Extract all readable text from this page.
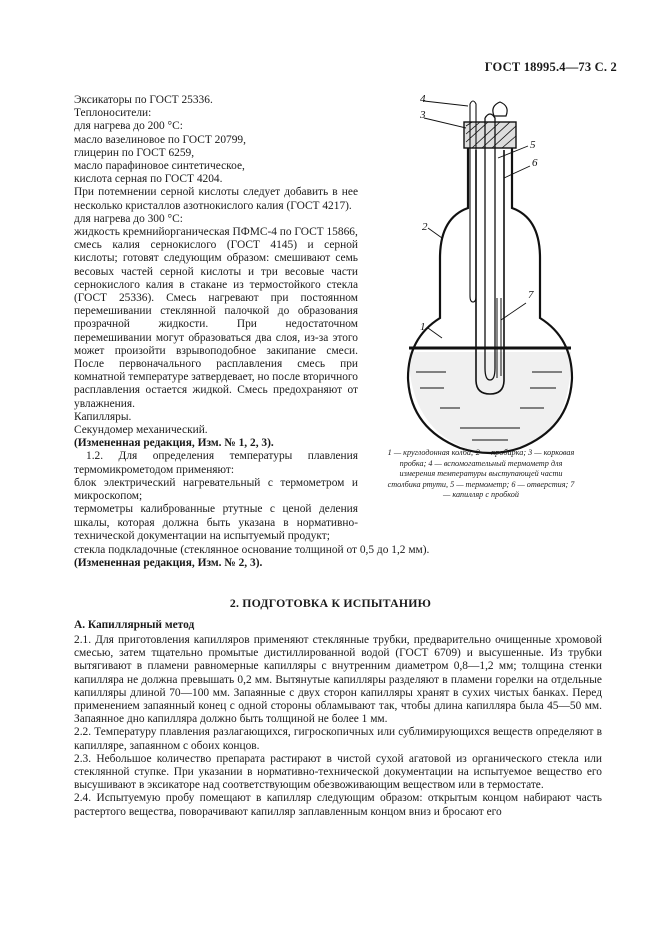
ГОСТ 18995.4—73 С. 2

Эксикаторы по ГОСТ 25336.

Теплоносители:

для нагрева до 200 °С:

масло вазелиновое по ГОСТ 20799,

глицерин по ГОСТ 6259,

масло парафиновое синтетическое,

кислота серная по ГОСТ 4204.

При потемнении серной кислоты следует добавить в нее несколько кристаллов азотнокислого калия (ГОСТ 4217).

для нагрева до 300 °С:

жидкость кремнийорганическая ПФМС-4 по ГОСТ 15866,

смесь калия сернокислого (ГОСТ 4145) и серной кислоты; готовят следующим образом: смешивают семь весовых частей серной кислоты и три весовые части сернокислого калия в стакане из термостойкого стекла (ГОСТ 25336). Смесь нагревают при постоянном перемешивании стеклянной палочкой до образования прозрачной жидкости. При недостаточном перемешивании могут образоваться два слоя, из-за этого может произойти взрывоподобное закипание смеси. После первоначального расплавления смесь при комнатной температуре затвердевает, но после вторичного расплавления остается жидкой. Смесь предохраняют от увлажнения.

Капилляры.

Секундомер механический.

(Измененная редакция, Изм. № 1, 2, 3).

1.2. Для определения температуры плавления термомикрометодом применяют:

блок электрический нагревательный с термометром и микроскопом;

термометры калиброванные ртутные с ценой деления шкалы, которая должна быть указана в нормативно-технической документации на испытуемый продукт;

стекла подкладочные (стеклянное основание толщиной от 0,5 до 1,2 мм).

(Измененная редакция, Изм. № 2, 3).

4
3
5
6
2
7
1
1 — круглодонная колба; 2 — пробирка; 3 — корковая пробка; 4 — вспомогательный термометр для измерения температуры выступающей части столбика ртути, 5 — термометр; 6 — отверстия; 7 — капилляр с пробкой
2. ПОДГОТОВКА К ИСПЫТАНИЮ
А. Капиллярный метод

2.1. Для приготовления капилляров применяют стеклянные трубки, предварительно очищенные хромовой смесью, затем тщательно промытые дистиллированной водой (ГОСТ 6709) и высушенные. Из трубки вытягивают в пламени равномерные капилляры с внутренним диаметром 0,8—1,2 мм; толщина стенки капилляра не должна превышать 0,2 мм. Вытянутые капилляры разделяют в пламени горелки на отдельные капилляры длиной 70—100 мм. Запаянные с двух сторон капилляры хранят в сухих чистых банках. Перед применением запаянный конец с одной стороны обламывают так, чтобы длина капилляра была 45—50 мм. Запаянное дно капилляра должно быть толщиной не более 1 мм.

2.2. Температуру плавления разлагающихся, гигроскопичных или сублимирующихся веществ определяют в капилляре, запаянном с обоих концов.

2.3. Небольшое количество препарата растирают в чистой сухой агатовой из органического стекла или стеклянной ступке. При указании в нормативно-технической документации на испытуемое вещество его высушивают в эксикаторе над соответствующим обезвоживающим веществом или в термостате.

2.4. Испытуемую пробу помещают в капилляр следующим образом: открытым концом набирают часть растертого вещества, поворачивают капилляр заплавленным концом вниз и бросают его
